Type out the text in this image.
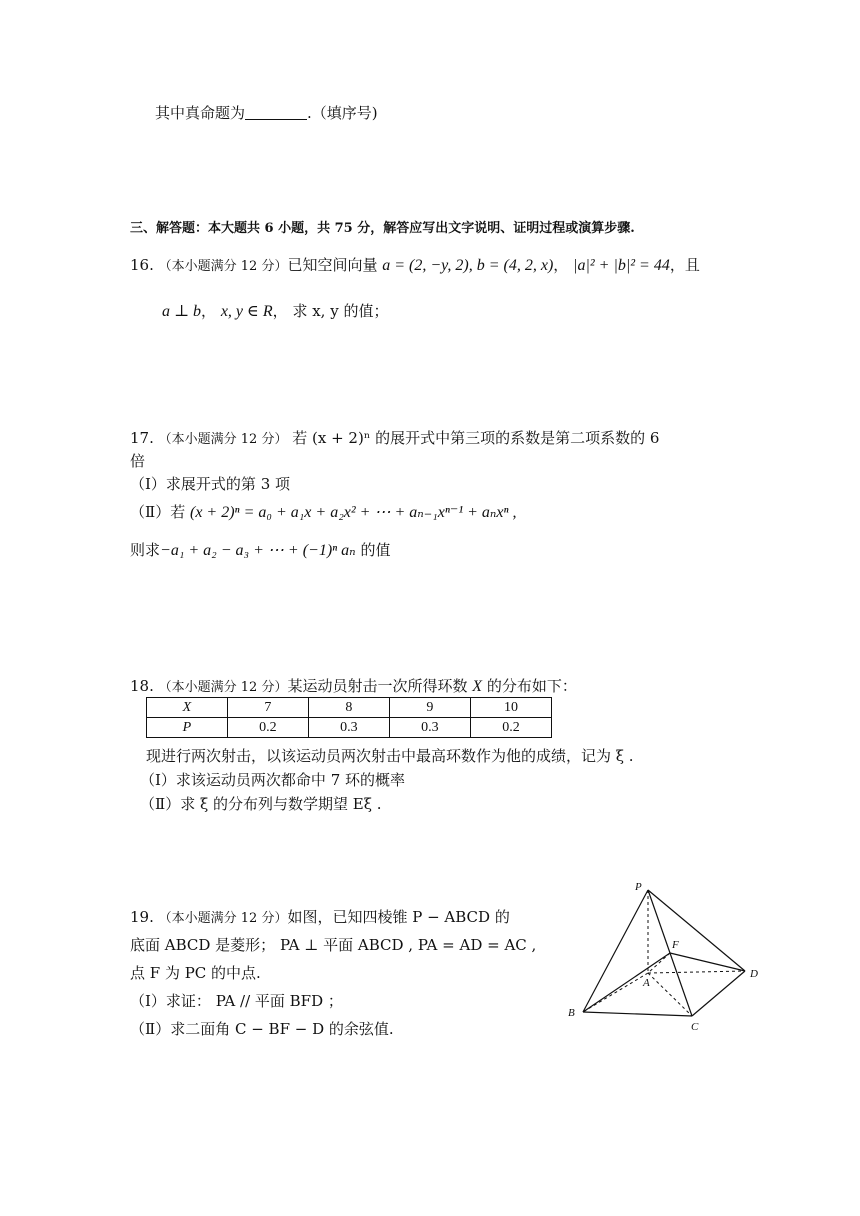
其中真命题为	.（填序号)
三、解答题：本大题共 6 小题，共 75 分，解答应写出文字说明、证明过程或演算步骤.
16. （本小题满分 12 分）已知空间向量 a = (2, −y, 2), b = (4, 2, x)， |a|² + |b|² = 44，且
a ⊥ b， x, y ∈ R， 求 x, y 的值；
17. （本小题满分 12 分） 若 (x + 2)ⁿ 的展开式中第三项的系数是第二项系数的 6
倍
（Ⅰ）求展开式的第 3 项
（Ⅱ）若 (x + 2)ⁿ = a₀ + a₁x + a₂x² + ⋯ + aₙ₋₁xⁿ⁻¹ + aₙxⁿ ,
则求−a₁ + a₂ − a₃ + ⋯ + (−1)ⁿ aₙ 的值
18. （本小题满分 12 分）某运动员射击一次所得环数 X 的分布如下：
X	7	8	9	10
P	0.2	0.3	0.3	0.2
现进行两次射击，以该运动员两次射击中最高环数作为他的成绩，记为 ξ .
（Ⅰ）求该运动员两次都命中 7 环的概率
（Ⅱ）求 ξ 的分布列与数学期望 Eξ .
19. （本小题满分 12 分）如图，已知四棱锥 P − ABCD 的
底面 ABCD 是菱形； PA ⊥ 平面 ABCD , PA = AD = AC ,
点 F 为 PC 的中点.
（Ⅰ）求证： PA // 平面 BFD ；
（Ⅱ）求二面角 C − BF − D 的余弦值.
P
F
A
B
C
D
